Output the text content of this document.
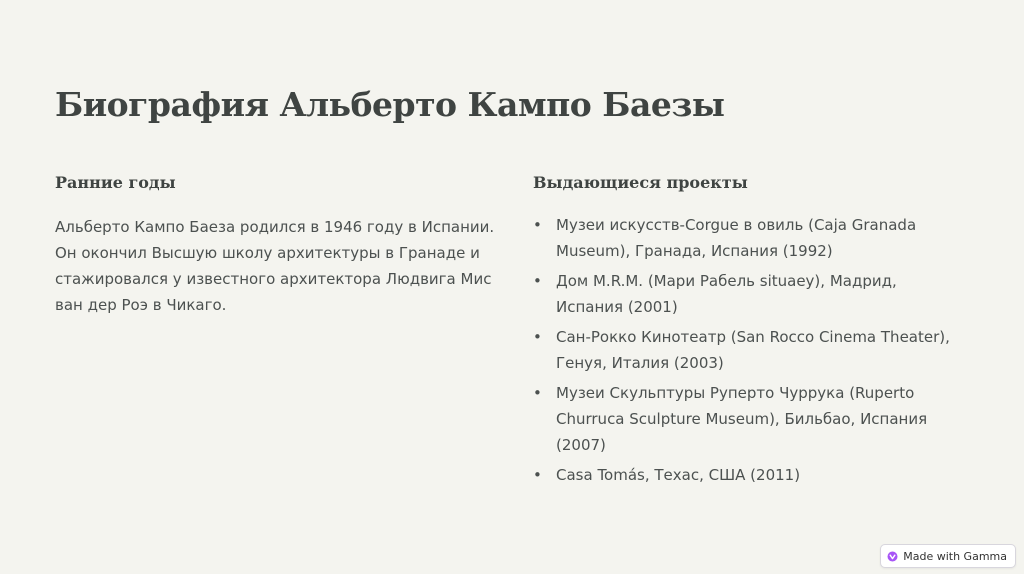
Биография Альберто Кампо Баезы
Ранние годы

Альберто Кампо Баеза родился в 1946 году в Испании. Он окончил Высшую школу архитектуры в Гранаде и стажировался у известного архитектора Людвига Мис ван дер Роэ в Чикаго.

Выдающиеся проекты
• Музеи искусств-Corgue в овиль (Caja Granada Museum), Гранада, Испания (1992)
• Дом M.R.M. (Мари Рабель situaey), Мадрид, Испания (2001)
• Сан-Рокко Кинотеатр (San Rocco Cinema Theater), Генуя, Италия (2003)
• Музеи Скульптуры Руперто Чуррука (Ruperto Churruca Sculpture Museum), Бильбао, Испания (2007)
• Casa Tomás, Техас, США (2011)
Made with Gamma
